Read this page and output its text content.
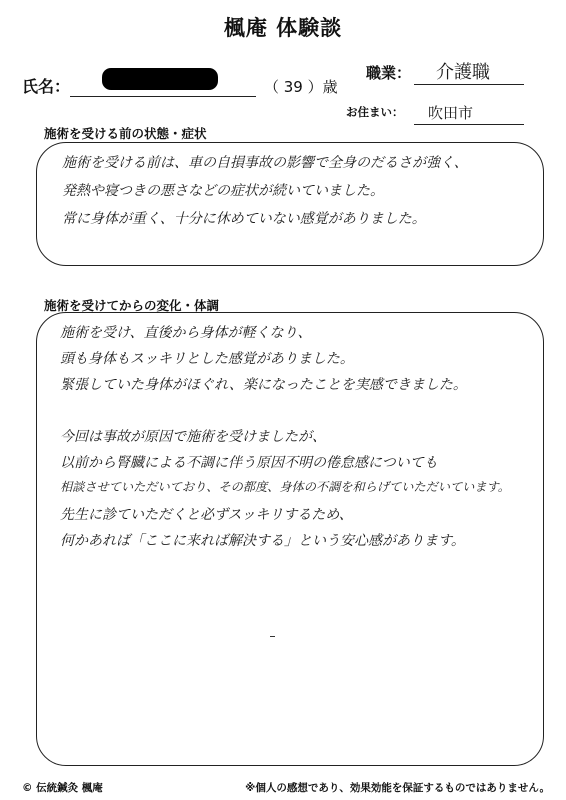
楓庵 体験談
氏名：	（ 39 ）歳
職業： 介護職
お住まい： 吹田市
施術を受ける前の状態・症状
施術を受ける前は、車の自損事故の影響で全身のだるさが強く、
発熱や寝つきの悪さなどの症状が続いていました。
常に身体が重く、十分に休めていない感覚がありました。
施術を受けてからの変化・体調
施術を受け、直後から身体が軽くなり、
頭も身体もスッキリとした感覚がありました。
緊張していた身体がほぐれ、楽になったことを実感できました。
今回は事故が原因で施術を受けましたが、
以前から腎臓による不調に伴う原因不明の倦怠感についても
相談させていただいており、その都度、身体の不調を和らげていただいています。
先生に診ていただくと必ずスッキリするため、
何かあれば「ここに来れば解決する」という安心感があります。
© 伝統鍼灸 楓庵	※個人の感想であり、効果効能を保証するものではありません。
